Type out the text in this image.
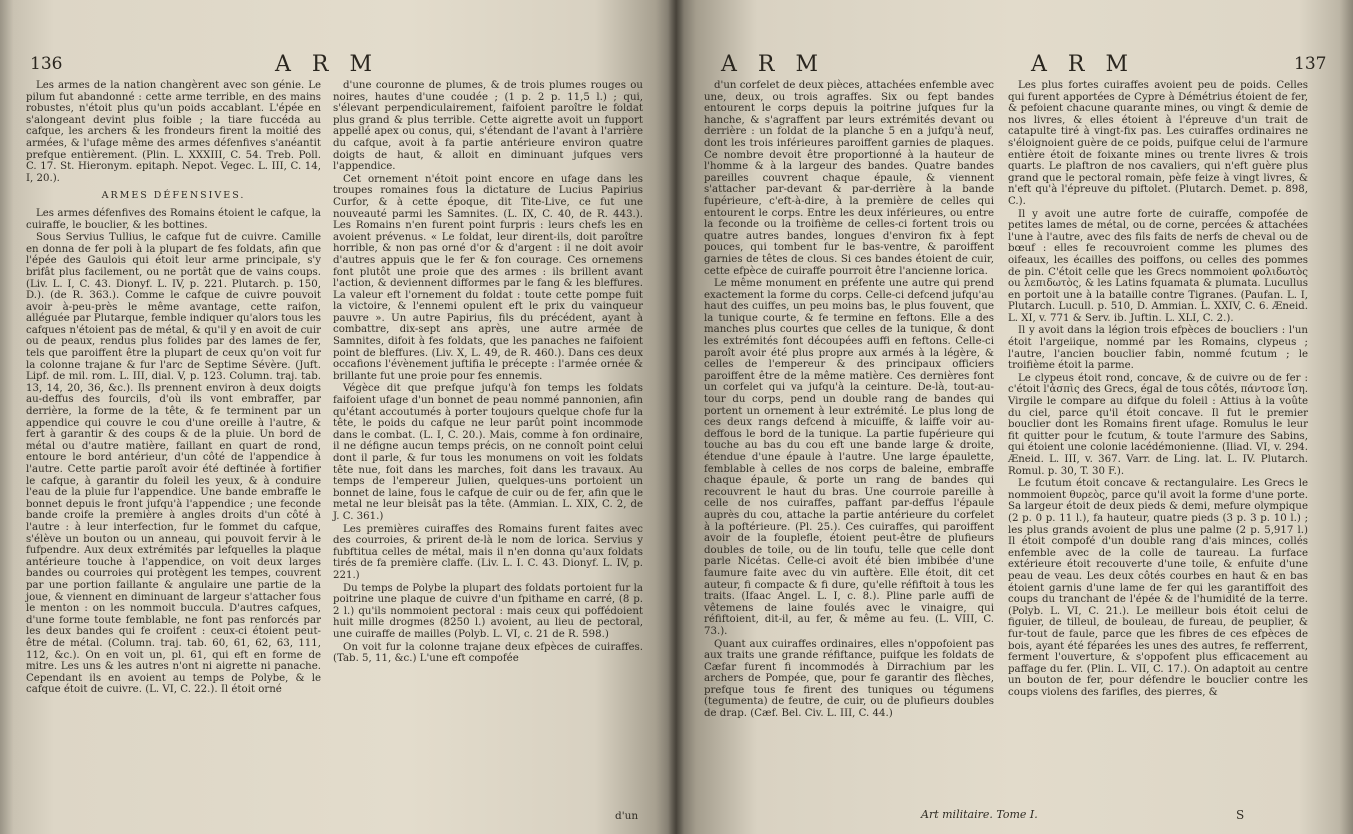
136	A R M

Les armes de la nation changèrent avec son génie. Le pilum fut abandonné : cette arme terrible, en des mains robustes, n'étoit plus qu'un poids accablant. L'épée en s'alongeant devint plus foible ; la tiare fuccéda au cafque, les archers & les frondeurs firent la moitié des armées, & l'ufage même des armes défenfives s'anéantit prefque entièrement. (Plin. L. XXXIII, C. 54. Treb. Poll. C. 17. St. Hieronym. epitaph. Nepot. Vegec. L. III, C. 14, I, 20.).

ARMES DÉFENSIVES.

Les armes défenfives des Romains étoient le cafque, la cuiraffe, le bouclier, & les bottines.

Sous Servius Tullius, le cafque fut de cuivre. Camille en donna de fer poli à la plupart de fes foldats, afin que l'épée des Gaulois qui étoit leur arme principale, s'y brifât plus facilement, ou ne portât que de vains coups. (Liv. L. I, C. 43. Dionyf. L. IV, p. 221. Plutarch. p. 150, D.). (de R. 363.). Comme le cafque de cuivre pouvoit avoir à-peu-près le même avantage, cette raifon, alléguée par Plutarque, femble indiquer qu'alors tous les cafques n'étoient pas de métal, & qu'il y en avoit de cuir ou de peaux, rendus plus folides par des lames de fer, tels que paroiffent être la plupart de ceux qu'on voit fur la colonne trajane & fur l'arc de Septime Sévère. (Juft. Lipf. de mil. rom. L. III, dial. V, p. 123. Column. traj. tab. 13, 14, 20, 36, &c.). Ils prennent environ à deux doigts au-deffus des fourcils, d'où ils vont embraffer, par derrière, la forme de la tête, & fe terminent par un appendice qui couvre le cou d'une oreille à l'autre, & fert à garantir & des coups & de la pluie. Un bord de métal ou d'autre matière, faillant en quart de rond, entoure le bord antérieur, d'un côté de l'appendice à l'autre. Cette partie paroît avoir été deftinée à fortifier le cafque, à garantir du foleil les yeux, & à conduire l'eau de la pluie fur l'appendice. Une bande embraffe le bonnet depuis le front jufqu'à l'appendice ; une feconde bande croife la première à angles droits d'un côté à l'autre : à leur interfection, fur le fommet du cafque, s'élève un bouton ou un anneau, qui pouvoit fervir à le fufpendre. Aux deux extrémités par lefquelles la plaque antérieure touche à l'appendice, on voit deux larges bandes ou courroies qui protègent les tempes, couvrent par une portion faillante & angulaire une partie de la joue, & viennent en diminuant de largeur s'attacher fous le menton : on les nommoit buccula. D'autres cafques, d'une forme toute femblable, ne font pas renforcés par les deux bandes qui fe croifent : ceux-ci étoient peut-être de métal. (Column. traj. tab. 60, 61, 62, 63, 111, 112, &c.). On en voit un, pl. 61, qui eft en forme de mitre. Les uns & les autres n'ont ni aigrette ni panache. Cependant ils en avoient au temps de Polybe, & le cafque étoit de cuivre. (L. VI, C. 22.). Il étoit orné

d'une couronne de plumes, & de trois plumes rouges ou noires, hautes d'une coudée ; (1 p. 2 p. 11,5 l.) ; qui, s'élevant perpendiculairement, faifoient paroître le foldat plus grand & plus terrible. Cette aigrette avoit un fupport appellé apex ou conus, qui, s'étendant de l'avant à l'arrière du cafque, avoit à fa partie antérieure environ quatre doigts de haut, & alloit en diminuant jufques vers l'appendice.

Cet ornement n'étoit point encore en ufage dans les troupes romaines fous la dictature de Lucius Papirius Curfor, & à cette époque, dit Tite-Live, ce fut une nouveauté parmi les Samnites. (L. IX, C. 40, de R. 443.). Les Romains n'en furent point furpris : leurs chefs les en avoient prévenus. « Le foldat, leur dirent-ils, doit paroître horrible, & non pas orné d'or & d'argent : il ne doit avoir d'autres appuis que le fer & fon courage. Ces ornemens font plutôt une proie que des armes : ils brillent avant l'action, & deviennent difformes par le fang & les bleffures. La valeur eft l'ornement du foldat : toute cette pompe fuit la victoire, & l'ennemi opulent eft le prix du vainqueur pauvre ». Un autre Papirius, fils du précédent, ayant à combattre, dix-sept ans après, une autre armée de Samnites, difoit à fes foldats, que les panaches ne faifoient point de bleffures. (Liv. X, L. 49, de R. 460.). Dans ces deux occafions l'évènement juftifia le précepte : l'armée ornée & brillante fut une proie pour fes ennemis.

Végèce dit que prefque jufqu'à fon temps les foldats faifoient ufage d'un bonnet de peau nommé pannonien, afin qu'étant accoutumés à porter toujours quelque chofe fur la tête, le poids du cafque ne leur parût point incommode dans le combat. (L. I, C. 20.). Mais, comme à fon ordinaire, il ne défigne aucun temps précis, on ne connoît point celui dont il parle, & fur tous les monumens on voit les foldats tête nue, foit dans les marches, foit dans les travaux. Au temps de l'empereur Julien, quelques-uns portoient un bonnet de laine, fous le cafque de cuir ou de fer, afin que le metal ne leur bleisât pas la tête. (Ammian. L. XIX, C. 2, de J. C. 361.)

Les premières cuiraffes des Romains furent faites avec des courroies, & prirent de-là le nom de lorica. Servius y fubftitua celles de métal, mais il n'en donna qu'aux foldats tirés de fa première claffe. (Liv. L. I. C. 43. Dionyf. L. IV, p. 221.)

Du temps de Polybe la plupart des foldats portoient fur la poitrine une plaque de cuivre d'un fpithame en carré, (8 p. 2 l.) qu'ils nommoient pectoral : mais ceux qui poffédoient huit mille drogmes (8250 l.) avoient, au lieu de pectoral, une cuiraffe de mailles (Polyb. L. VI, c. 21 de R. 598.)

On voit fur la colonne trajane deux efpèces de cuiraffes. (Tab. 5, 11, &c.) L'une eft compofée

d'un
A R M	A R M	137

d'un corfelet de deux pièces, attachées enfemble avec une, deux, ou trois agraffes. Six ou fept bandes entourent le corps depuis la poitrine jufques fur la hanche, & s'agraffent par leurs extrémités devant ou derrière : un foldat de la planche 5 en a jufqu'à neuf, dont les trois inférieures paroiffent garnies de plaques. Ce nombre devoit être proportionné à la hauteur de l'homme & à la largeur des bandes. Quatre bandes pareilles couvrent chaque épaule, & viennent s'attacher par-devant & par-derrière à la bande fupérieure, c'eft-à-dire, à la première de celles qui entourent le corps. Entre les deux inférieures, ou entre la feconde ou la troifième de celles-ci fortent trois ou quatre autres bandes, longues d'environ fix à fept pouces, qui tombent fur le bas-ventre, & paroiffent garnies de têtes de clous. Si ces bandes étoient de cuir, cette efpèce de cuiraffe pourroit être l'ancienne lorica.

Le même monument en préfente une autre qui prend exactement la forme du corps. Celle-ci defcend jufqu'au haut des cuiffes, un peu moins bas, le plus fouvent, que la tunique courte, & fe termine en feftons. Elle a des manches plus courtes que celles de la tunique, & dont les extrémités font découpées auffi en feftons. Celle-ci paroît avoir été plus propre aux armés à la légère, & celles de l'empereur & des principaux officiers paroiffent être de la même matière. Ces dernières font un corfelet qui va jufqu'à la ceinture. De-là, tout-au-tour du corps, pend un double rang de bandes qui portent un ornement à leur extrémité. Le plus long de ces deux rangs defcend à micuiffe, & laiffe voir au-deffous le bord de la tunique. La partie fupérieure qui touche au bas du cou eft une bande large & droite, étendue d'une épaule à l'autre. Une large épaulette, femblable à celles de nos corps de baleine, embraffe chaque épaule, & porte un rang de bandes qui recouvrent le haut du bras. Une courroie pareille à celle de nos cuiraffes, paffant par-deffus l'épaule auprès du cou, attache la partie antérieure du corfelet à la poftérieure. (Pl. 25.). Ces cuiraffes, qui paroiffent avoir de la fouplefle, étoient peut-être de plufieurs doubles de toile, ou de lin toufu, telle que celle dont parle Nicétas. Celle-ci avoit été bien imbibée d'une faumure faite avec du vin auftère. Elle étoit, dit cet auteur, fi compacte & fi dure, qu'elle réfiftoit à tous les traits. (Ifaac Angel. L. I, c. 8.). Pline parle auffi de vêtemens de laine foulés avec le vinaigre, qui réfiftoient, dit-il, au fer, & même au feu. (L. VIII, C. 73.).

Quant aux cuiraffes ordinaires, elles n'oppofoient pas aux traits une grande réfiftance, puifque les foldats de Cæfar furent fi incommodés à Dirrachium par les archers de Pompée, que, pour fe garantir des flèches, prefque tous fe firent des tuniques ou tégumens (tegumenta) de feutre, de cuir, ou de plufieurs doubles de drap. (Cæf. Bel. Civ. L. III, C. 44.)

Les plus fortes cuiraffes avoient peu de poids. Celles qui furent apportées de Cypre à Démétrius étoient de fer, & pefoient chacune quarante mines, ou vingt & demie de nos livres, & elles étoient à l'épreuve d'un trait de catapulte tiré à vingt-fix pas. Les cuiraffes ordinaires ne s'éloignoient guère de ce poids, puifque celui de l'armure entière étoit de foixante mines ou trente livres & trois quarts. Le plaftron de nos cavaliers, qui n'eft guère plus grand que le pectoral romain, pèfe feize à vingt livres, & n'eft qu'à l'épreuve du piftolet. (Plutarch. Demet. p. 898, C.).

Il y avoit une autre forte de cuiraffe, compofée de petites lames de métal, ou de corne, percées & attachées l'une à l'autre, avec des fils faits de nerfs de cheval ou de bœuf : elles fe recouvroient comme les plumes des oifeaux, les écailles des poiffons, ou celles des pommes de pin. C'étoit celle que les Grecs nommoient φολιδωτὸς ou λεπιδωτὸς, & les Latins fquamata & plumata. Lucullus en portoit une à la bataille contre Tigranes. (Paufan. L. I, Plutarch. Lucull. p. 510, D. Ammian. L. XXIV, C. 6. Æneid. L. XI, v. 771 & Serv. ib. Juftin. L. XLI, C. 2.).

Il y avoit dans la légion trois efpèces de boucliers : l'un étoit l'argeiique, nommé par les Romains, clypeus ; l'autre, l'ancien bouclier fabin, nommé fcutum ; le troifième étoit la parme.

Le clypeus étoit rond, concave, & de cuivre ou de fer : c'étoit l'ἀσπὶς des Grecs, égal de tous côtés, πάντοσε ἴση. Virgile le compare au difque du foleil : Attius à la voûte du ciel, parce qu'il étoit concave. Il fut le premier bouclier dont les Romains firent ufage. Romulus le leur fit quitter pour le fcutum, & toute l'armure des Sabins, qui étoient une colonie lacédémonienne. (Iliad. VI, v. 294. Æneid. L. III, v. 367. Varr. de Ling. lat. L. IV. Plutarch. Romul. p. 30, T. 30 F.).

Le fcutum étoit concave & rectangulaire. Les Grecs le nommoient θυρεὸς, parce qu'il avoit la forme d'une porte. Sa largeur étoit de deux pieds & demi, mefure olympique (2 p. 0 p. 11 l.), fa hauteur, quatre pieds (3 p. 3 p. 10 l.) ; les plus grands avoient de plus une palme (2 p. 5,917 l.) Il étoit compofé d'un double rang d'ais minces, collés enfemble avec de la colle de taureau. La furface extérieure étoit recouverte d'une toile, & enfuite d'une peau de veau. Les deux côtés courbes en haut & en bas étoient garnis d'une lame de fer qui les garantiffoit des coups du tranchant de l'épée & de l'humidité de la terre. (Polyb. L. VI, C. 21.). Le meilleur bois étoit celui de figuier, de tilleul, de bouleau, de fureau, de peuplier, & fur-tout de faule, parce que les fibres de ces efpèces de bois, ayant été féparées les unes des autres, fe refferrent, ferment l'ouverture, & s'oppofent plus efficacement au paffage du fer. (Plin. L. VII, C. 17.). On adaptoit au centre un bouton de fer, pour défendre le bouclier contre les coups violens des farifles, des pierres, &

Art militaire. Tome I.	S
